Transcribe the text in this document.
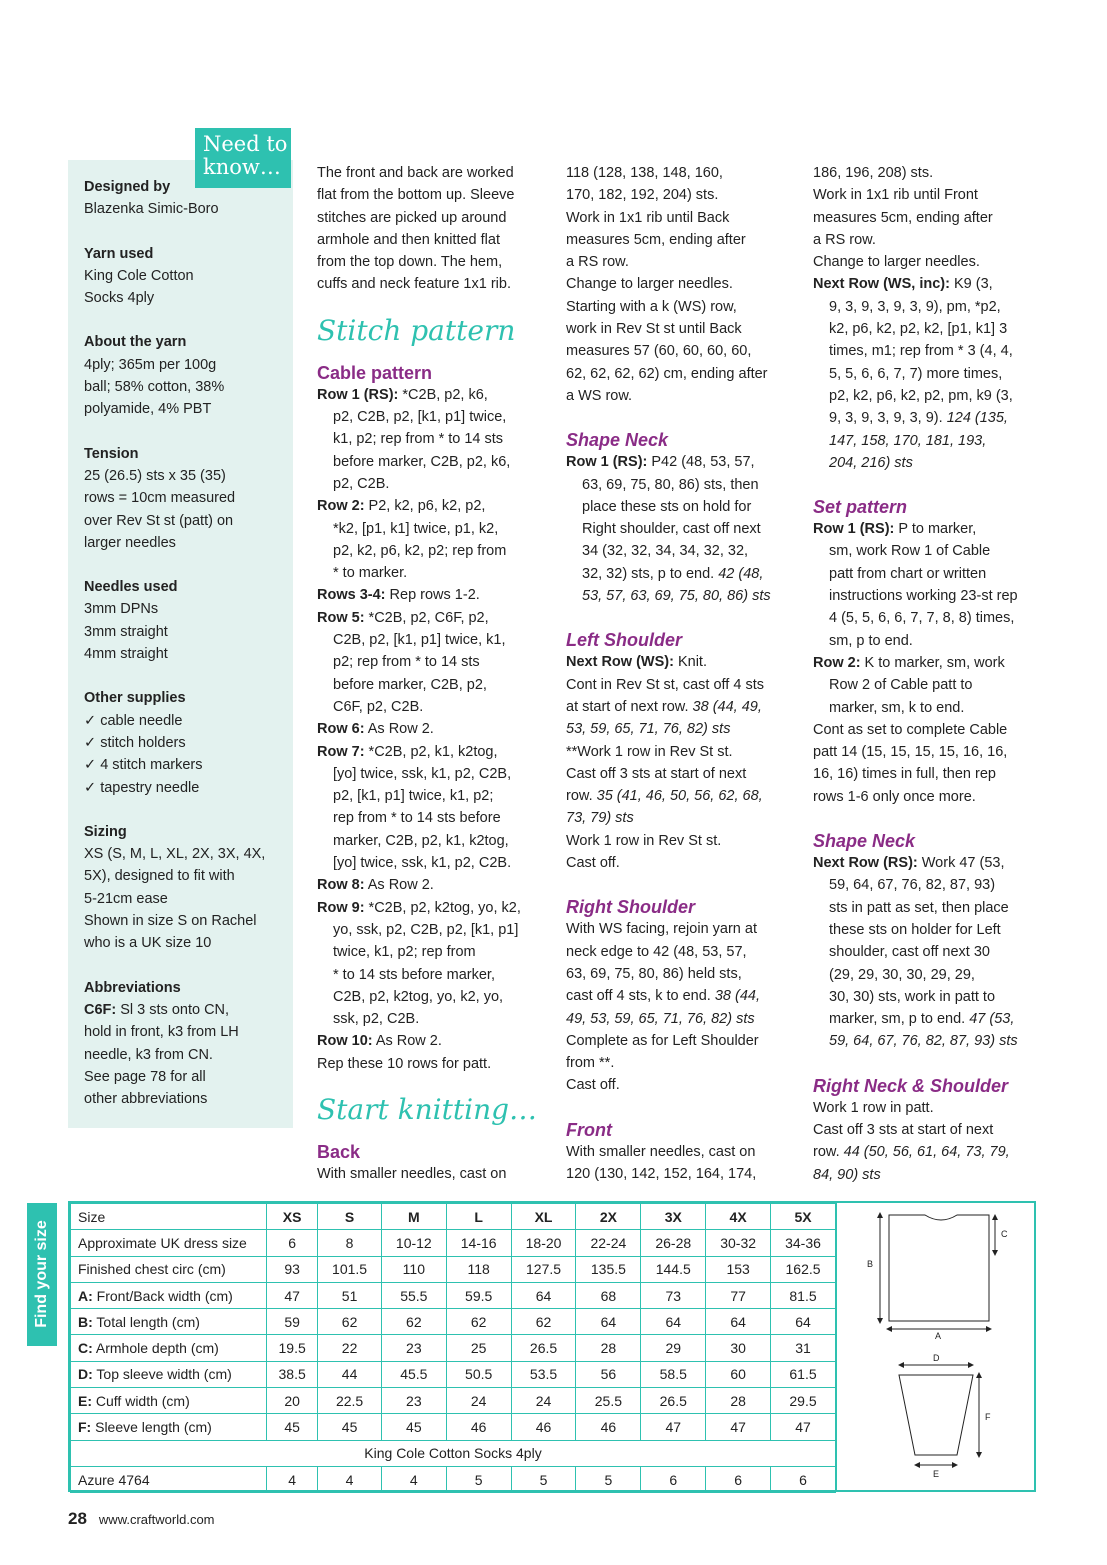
Designed by
Blazenka Simic-Boro
Yarn used
King Cole Cotton
Socks 4ply
About the yarn
4ply; 365m per 100g
ball; 58% cotton, 38%
polyamide, 4% PBT
Tension
25 (26.5) sts x 35 (35)
rows = 10cm measured
over Rev St st (patt) on
larger needles
Needles used
3mm DPNs
3mm straight
4mm straight
Other supplies
✓ cable needle
✓ stitch holders
✓ 4 stitch markers
✓ tapestry needle
Sizing
XS (S, M, L, XL, 2X, 3X, 4X,
5X), designed to fit with
5-21cm ease
Shown in size S on Rachel
who is a UK size 10
Abbreviations
C6F: Sl 3 sts onto CN,
hold in front, k3 from LH
needle, k3 from CN.
See page 78 for all
other abbreviations
Need to
know…	The front and back are worked
flat from the bottom up. Sleeve
stitches are picked up around
armhole and then knitted flat
from the top down. The hem,
cuffs and neck feature 1x1 rib.

Stitch pattern
Cable pattern
Row 1 (RS): *C2B, p2, k6,
p2, C2B, p2, [k1, p1] twice,
k1, p2; rep from * to 14 sts
before marker, C2B, p2, k6,
p2, C2B.
Row 2: P2, k2, p6, k2, p2,
*k2, [p1, k1] twice, p1, k2,
p2, k2, p6, k2, p2; rep from
* to marker.
Rows 3-4: Rep rows 1-2.
Row 5: *C2B, p2, C6F, p2,
C2B, p2, [k1, p1] twice, k1,
p2; rep from * to 14 sts
before marker, C2B, p2,
C6F, p2, C2B.
Row 6: As Row 2.
Row 7: *C2B, p2, k1, k2tog,
[yo] twice, ssk, k1, p2, C2B,
p2, [k1, p1] twice, k1, p2;
rep from * to 14 sts before
marker, C2B, p2, k1, k2tog,
[yo] twice, ssk, k1, p2, C2B.
Row 8: As Row 2.
Row 9: *C2B, p2, k2tog, yo, k2,
yo, ssk, p2, C2B, p2, [k1, p1]
twice, k1, p2; rep from
* to 14 sts before marker,
C2B, p2, k2tog, yo, k2, yo,
ssk, p2, C2B.
Row 10: As Row 2.

Rep these 10 rows for patt.

Start knitting…
Back

With smaller needles, cast on

118 (128, 138, 148, 160,
170, 182, 192, 204) sts.
Work in 1x1 rib until Back
measures 5cm, ending after
a RS row.
Change to larger needles.
Starting with a k (WS) row,
work in Rev St st until Back
measures 57 (60, 60, 60, 60,
62, 62, 62, 62) cm, ending after
a WS row.

Shape Neck
Row 1 (RS): P42 (48, 53, 57,
63, 69, 75, 80, 86) sts, then
place these sts on hold for
Right shoulder, cast off next
34 (32, 32, 34, 34, 32, 32,
32, 32) sts, p to end. 42 (48,
53, 57, 63, 69, 75, 80, 86) sts
Left Shoulder
Next Row (WS): Knit.
Cont in Rev St st, cast off 4 sts
at start of next row. 38 (44, 49,
53, 59, 65, 71, 76, 82) sts
**Work 1 row in Rev St st.
Cast off 3 sts at start of next
row. 35 (41, 46, 50, 56, 62, 68,
73, 79) sts

Work 1 row in Rev St st.
Cast off.

Right Shoulder
With WS facing, rejoin yarn at
neck edge to 42 (48, 53, 57,
63, 69, 75, 80, 86) held sts,
cast off 4 sts, k to end. 38 (44,
49, 53, 59, 65, 71, 76, 82) sts

Complete as for Left Shoulder
from **.
Cast off.

Front

With smaller needles, cast on
120 (130, 142, 152, 164, 174,

186, 196, 208) sts.
Work in 1x1 rib until Front
measures 5cm, ending after
a RS row.
Change to larger needles.

Next Row (WS, inc): K9 (3,
9, 3, 9, 3, 9, 3, 9), pm, *p2,
k2, p6, k2, p2, k2, [p1, k1] 3
times, m1; rep from * 3 (4, 4,
5, 5, 6, 6, 7, 7) more times,
p2, k2, p6, k2, p2, pm, k9 (3,
9, 3, 9, 3, 9, 3, 9). 124 (135,
147, 158, 170, 181, 193,
204, 216) sts
Set pattern
Row 1 (RS): P to marker,
sm, work Row 1 of Cable
patt from chart or written
instructions working 23-st rep
4 (5, 5, 6, 6, 7, 7, 8, 8) times,
sm, p to end.
Row 2: K to marker, sm, work
Row 2 of Cable patt to
marker, sm, k to end.

Cont as set to complete Cable
patt 14 (15, 15, 15, 15, 16, 16,
16, 16) times in full, then rep
rows 1-6 only once more.

Shape Neck
Next Row (RS): Work 47 (53,
59, 64, 67, 76, 82, 87, 93)
sts in patt as set, then place
these sts on holder for Left
shoulder, cast off next 30
(29, 29, 30, 30, 29, 29,
30, 30) sts, work in patt to
marker, sm, p to end. 47 (53,
59, 64, 67, 76, 82, 87, 93) sts
Right Neck & Shoulder
Work 1 row in patt.
Cast off 3 sts at start of next
row. 44 (50, 56, 61, 64, 73, 79,
84, 90) sts
Find your size
Size	XS	S	M	L	XL	2X	3X	4X	5X
Approximate UK dress size	6	8	10-12	14-16	18-20	22-24	26-28	30-32	34-36
Finished chest circ (cm)	93	101.5	110	118	127.5	135.5	144.5	153	162.5
A: Front/Back width (cm)	47	51	55.5	59.5	64	68	73	77	81.5
B: Total length (cm)	59	62	62	62	62	64	64	64	64
C: Armhole depth (cm)	19.5	22	23	25	26.5	28	29	30	31
D: Top sleeve width (cm)	38.5	44	45.5	50.5	53.5	56	58.5	60	61.5
E: Cuff width (cm)	20	22.5	23	24	24	25.5	26.5	28	29.5
F: Sleeve length (cm)	45	45	45	46	46	46	47	47	47
King Cole Cotton Socks 4ply									
Azure 4764	4	4	4	5	5	5	6	6	6
B
A
C
D
F
E
28 www.craftworld.com
